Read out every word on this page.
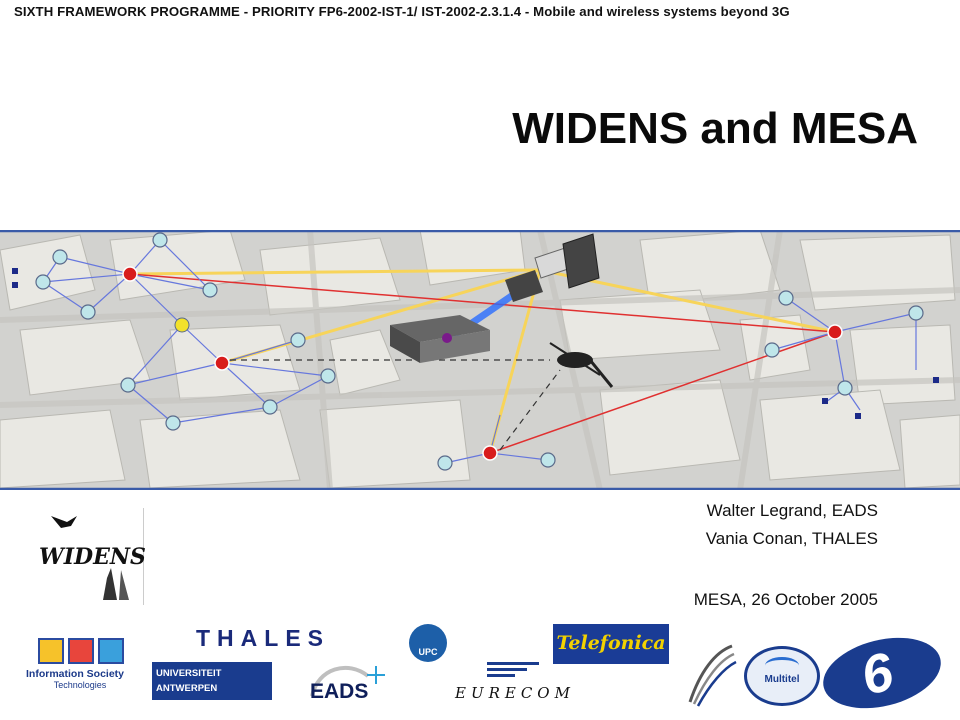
SIXTH FRAMEWORK PROGRAMME - PRIORITY FP6-2002-IST-1/ IST-2002-2.3.1.4 - Mobile and wireless systems beyond 3G
WIDENS and MESA
Walter Legrand, EADS
Vania Conan, THALES
MESA, 26 October 2005
WIDENS
Information Society
Technologies
THALES
UPC	Telefonica
UNIVERSITEIT
ANTWERPEN	EADS	EURECOM
Multitel	6
